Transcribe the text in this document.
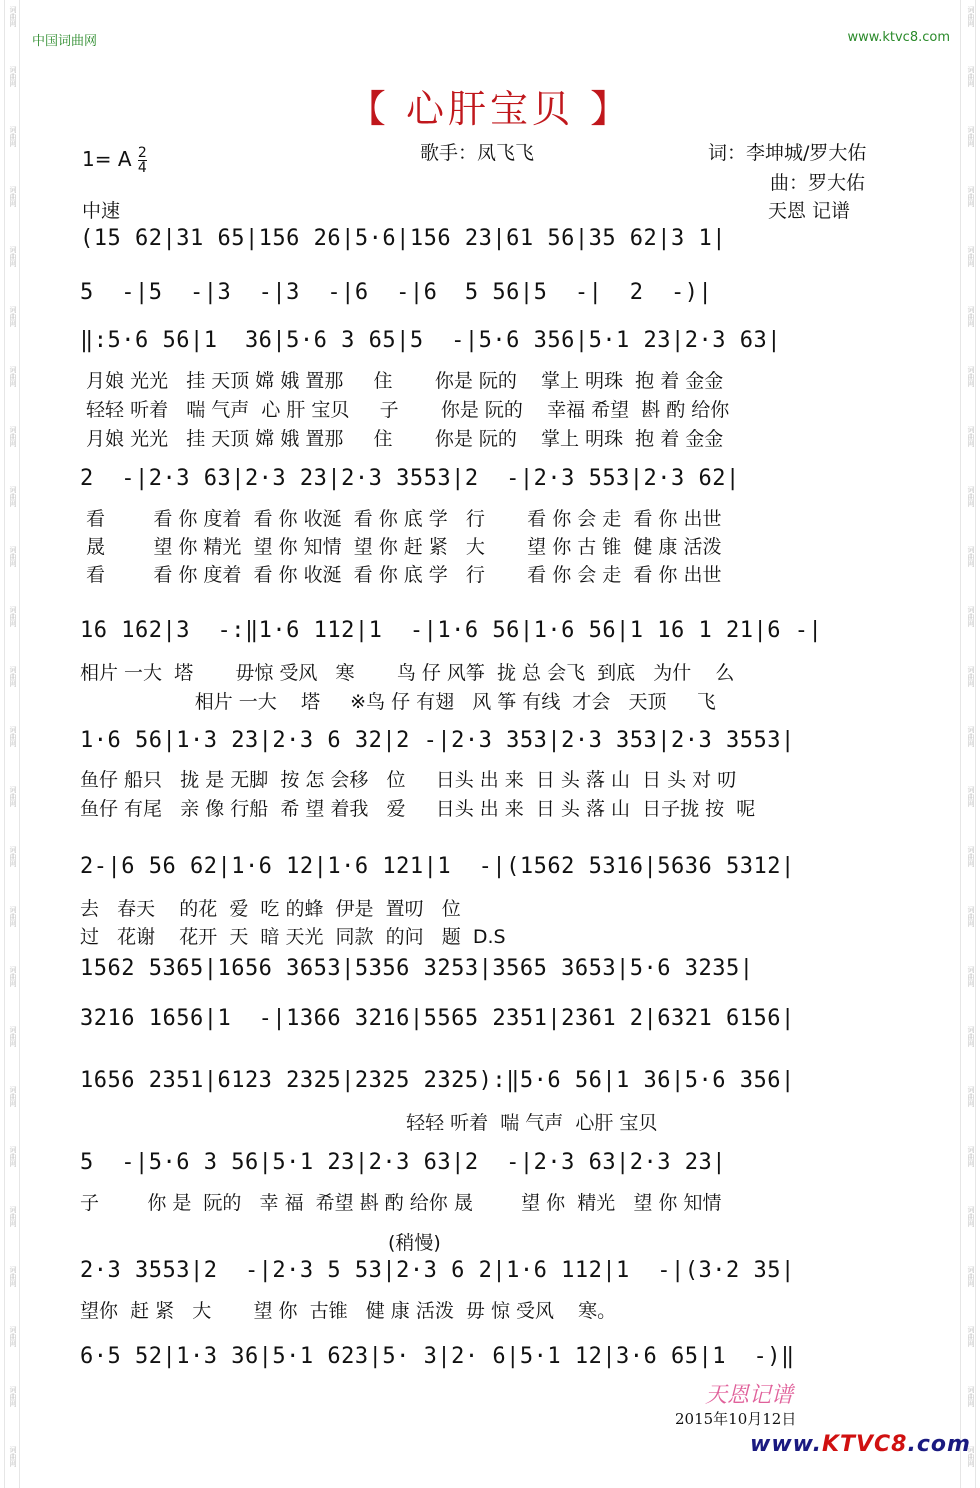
中国词曲网	www.ktvc8.com
【 心肝宝贝 】
1= A $\frac{2}{4}$	歌手：凤飞飞	词：李坤城/罗大佑
曲：罗大佑
中速	天恩 记谱
(15 62|31 65|156 26|5·6|156 23|61 56|35 62|3 1|
5  -|5  -|3  -|3  -|6  -|6  5 56|5  -|  2  -)|
‖:5·6 56|1  36|5·6 3 65|5  -|5·6 356|5·1 23|2·3 63|
月娘 光光   挂 天顶 嫦 娥 置那     住       你是 阮的    掌上 明珠  抱 着 金金
轻轻 听着   喘 气声  心 肝 宝贝     子       你是 阮的    幸福 希望  斟 酌 给你
月娘 光光   挂 天顶 嫦 娥 置那     住       你是 阮的    掌上 明珠  抱 着 金金
2  -|2·3 63|2·3 23|2·3 3553|2  -|2·3 553|2·3 62|
看        看 你 度着  看 你 收涎  看 你 底 学   行       看 你 会 走  看 你 出世
晟        望 你 精光  望 你 知情  望 你 赶 紧   大       望 你 古 锥  健 康 活泼
看        看 你 度着  看 你 收涎  看 你 底 学   行       看 你 会 走  看 你 出世
16 162|3  -:‖1·6 112|1  -|1·6 56|1·6 56|1 16 1 21|6 -|
相片 一大  塔       毋惊 受风   寒       鸟 仔 风筝  拢 总 会飞  到底   为什    么
相片 一大    塔     ※鸟 仔 有翅   风 筝 有线  才会   天顶     飞
1·6 56|1·3 23|2·3 6 32|2 -|2·3 353|2·3 353|2·3 3553|
鱼仔 船只   拢 是 无脚  按 怎 会移   位     日头 出 来  日 头 落 山  日 头 对 叨
鱼仔 有尾   亲 像 行船  希 望 着我   爱     日头 出 来  日 头 落 山  日子拢 按  呢
2-|6 56 62|1·6 12|1·6 121|1  -|(1562 5316|5636 5312|
去   春天    的花  爱  吃 的蜂  伊是  置叨   位
过   花谢    花开  天  暗 天光  同款  的问   题  D.S
1562 5365|1656 3653|5356 3253|3565 3653|5·6 3235|
3216 1656|1  -|1366 3216|5565 2351|2361 2|6321 6156|
1656 2351|6123 2325|2325 2325):‖5·6 56|1 36|5·6 356|
轻轻 听着  喘 气声  心肝 宝贝
5  -|5·6 3 56|5·1 23|2·3 63|2  -|2·3 63|2·3 23|
子        你 是  阮的   幸 福  希望 斟 酌 给你 晟        望 你  精光   望 你 知情
(稍慢)
2·3 3553|2  -|2·3 5 53|2·3 6 2|1·6 112|1  -|(3·2 35|
望你  赶 紧   大       望 你  古锥   健 康 活泼  毋 惊 受风    寒。
6·5 52|1·3 36|5·1 623|5· 3|2· 6|5·1 12|3·6 65|1  -)‖
天恩记谱
2015年10月12日
www.KTVC8.com
词曲网
词曲网
词曲网
词曲网
词曲网
词曲网
词曲网
词曲网
词曲网
词曲网
词曲网
词曲网
词曲网
词曲网
词曲网
词曲网
词曲网
词曲网
词曲网
词曲网
词曲网
词曲网
词曲网
词曲网
词曲网
词曲网
词曲网
词曲网
词曲网
词曲网
词曲网
词曲网
词曲网
词曲网
词曲网
词曲网
词曲网
词曲网
词曲网
词曲网
词曲网
词曲网
词曲网
词曲网
词曲网
词曲网
词曲网
词曲网
词曲网
词曲网
